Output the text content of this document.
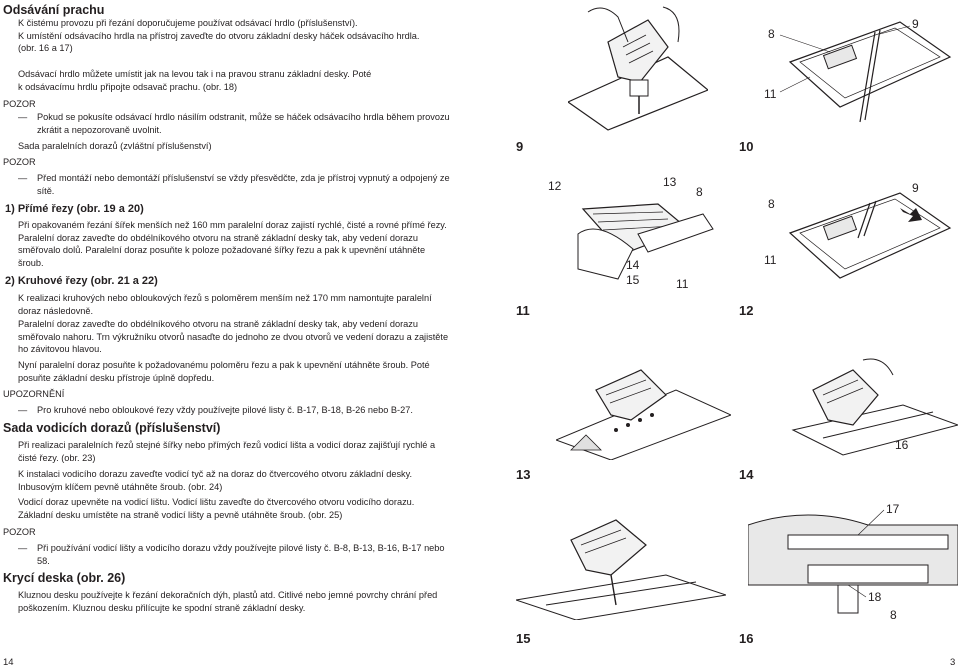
Odsávání prachu
K čistému provozu při řezání doporučujeme používat odsávací hrdlo (příslušenství).
K umístění odsávacího hrdla na přístroj zaveďte do otvoru základní desky háček odsávacího hrdla.
(obr. 16 a 17)
Odsávací hrdlo můžete umístit jak na levou tak i na pravou stranu základní desky. Poté
k odsávacímu hrdlu připojte odsavač prachu. (obr. 18)
POZOR
— Pokud se pokusíte odsávací hrdlo násilím odstranit, může se háček odsávacího hrdla během provozu zkrátit a nepozorovaně uvolnit.
Sada paralelních dorazů (zvláštní příslušenství)
POZOR
— Před montáží nebo demontáží příslušenství se vždy přesvědčte, zda je přístroj vypnutý a odpojený ze sítě.
1) Přímé řezy (obr. 19 a 20)
Při opakovaném řezání šířek menších než 160 mm paralelní doraz zajistí rychlé, čisté a rovné přímé řezy. Paralelní doraz zaveďte do obdélníkového otvoru na straně základní desky tak, aby vedení dorazu směřovalo dolů. Paralelní doraz posuňte k poloze požadované šířky řezu a pak k upevnění utáhněte šroub.
2) Kruhové řezy (obr. 21 a 22)
K realizaci kruhových nebo obloukových řezů s poloměrem menším než 170 mm namontujte paralelní doraz následovně.
Paralelní doraz zaveďte do obdélníkového otvoru na straně základní desky tak, aby vedení dorazu směřovalo nahoru. Trn výkružníku otvorů nasaďte do jednoho ze dvou otvorů ve vedení dorazu a zajistěte ho závitovou hlavou.
Nyní paralelní doraz posuňte k požadovanému poloměru řezu a pak k upevnění utáhněte šroub. Poté posuňte základní desku přístroje úplně dopředu.
UPOZORNĚNÍ
— Pro kruhové nebo obloukové řezy vždy používejte pilové listy č. B-17, B-18, B-26 nebo B-27.
Sada vodicích dorazů (příslušenství)
Při realizaci paralelních řezů stejné šířky nebo přímých řezů vodicí lišta a vodicí doraz zajišťují rychlé a čisté řezy. (obr. 23)
K instalaci vodicího dorazu zaveďte vodicí tyč až na doraz do čtvercového otvoru základní desky. Inbusovým klíčem pevně utáhněte šroub. (obr. 24)
Vodicí doraz upevněte na vodicí lištu. Vodicí lištu zaveďte do čtvercového otvoru vodicího dorazu. Základní desku umístěte na straně vodicí lišty a pevně utáhněte šroub. (obr. 25)
POZOR
— Při používání vodicí lišty a vodicího dorazu vždy používejte pilové listy č. B-8, B-13, B-16, B-17 nebo 58.
Krycí deska (obr. 26)
Kluznou desku používejte k řezání dekoračních dýh, plastů atd. Citlivé nebo jemné povrchy chrání před poškozením. Kluznou desku přilícujte ke spodní straně základní desky.
14
9
8
9
11
10
12	13
8
14
15	11
11
8
9
11
12
13
16
14
15
17
18
8
16
3
